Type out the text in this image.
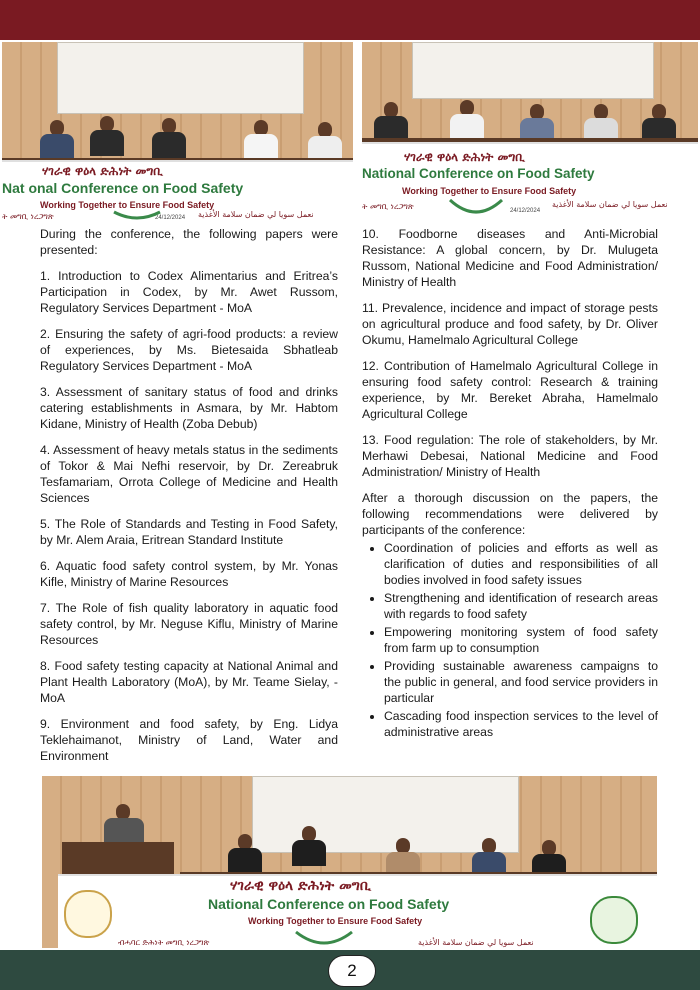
ሃገራዊ ዋዕላ ድሕነት መግቢ
Nat onal Conference on Food Safety
Working Together to Ensure Food Safety
ት መግቢ ነረጋግጽ	نعمل سويا لي ضمان سلامة الأغذية
24/12/2024
ሃገራዊ ዋዕላ ድሕነት መግቢ
National Conference on Food Safety
Working Together to Ensure Food Safety
ት መግቢ ነረጋግጽ	نعمل سويا لي ضمان سلامة الأغذية
24/12/2024

During the conference, the following papers were presented:

1. Introduction to Codex Alimentarius and Eritrea’s Participation in Codex, by Mr. Awet Russom, Regulatory Services Department - MoA

2. Ensuring the safety of agri-food products: a review of experiences, by Ms. Bietesaida Sbhatleab Regulatory Services Department - MoA

3. Assessment of sanitary status of food and drinks catering establishments in Asmara, by Mr. Habtom Kidane, Ministry of Health (Zoba Debub)

4. Assessment of heavy metals status in the sediments of Tokor & Mai Nefhi reservoir, by Dr. Zereabruk Tesfamariam, Orrota College of Medicine and Health Sciences

5. The Role of Standards and Testing in Food Safety, by Mr. Alem Araia, Eritrean Standard Institute

6. Aquatic food safety control system, by Mr. Yonas Kifle, Ministry of Marine Resources

7. The Role of fish quality laboratory in aquatic food safety control, by Mr. Neguse Kiflu, Ministry of Marine Resources

8. Food safety testing capacity at National Animal and Plant Health Laboratory (MoA), by Mr. Teame Sielay, - MoA

9. Environment and food safety, by Eng. Lidya Teklehaimanot, Ministry of Land, Water and Environment

10. Foodborne diseases and Anti-Microbial Resistance: A global concern, by Dr. Mulugeta Russom, National Medicine and Food Administration/ Ministry of Health

11. Prevalence, incidence and impact of storage pests on agricultural produce and food safety, by Dr. Oliver Okumu, Hamelmalo Agricultural College

12. Contribution of Hamelmalo Agricultural College in ensuring food safety control: Research & training experience, by Mr. Bereket Abraha, Hamelmalo Agricultural College

13. Food regulation: The role of stakeholders, by Mr. Merhawi Debesai, National Medicine and Food Administration/ Ministry of Health

After a thorough discussion on the papers, the following recommendations were delivered by participants of the conference:

• Coordination of policies and efforts as well as clarification of duties and responsibilities of all bodies involved in food safety issues
• Strengthening and identification of research areas with regards to food safety
• Empowering monitoring system of food safety from farm up to consumption
• Providing sustainable awareness campaigns to the public in general, and food service providers in particular
• Cascading food inspection services to the level of administrative areas
ሃገራዊ ዋዕላ ድሕነት መግቢ
National Conference on Food Safety
Working Together to Ensure Food Safety
ብሓባር ድሕነት መግቢ ነረጋግጽ	نعمل سويا لي ضمان سلامة الأغذية
2
